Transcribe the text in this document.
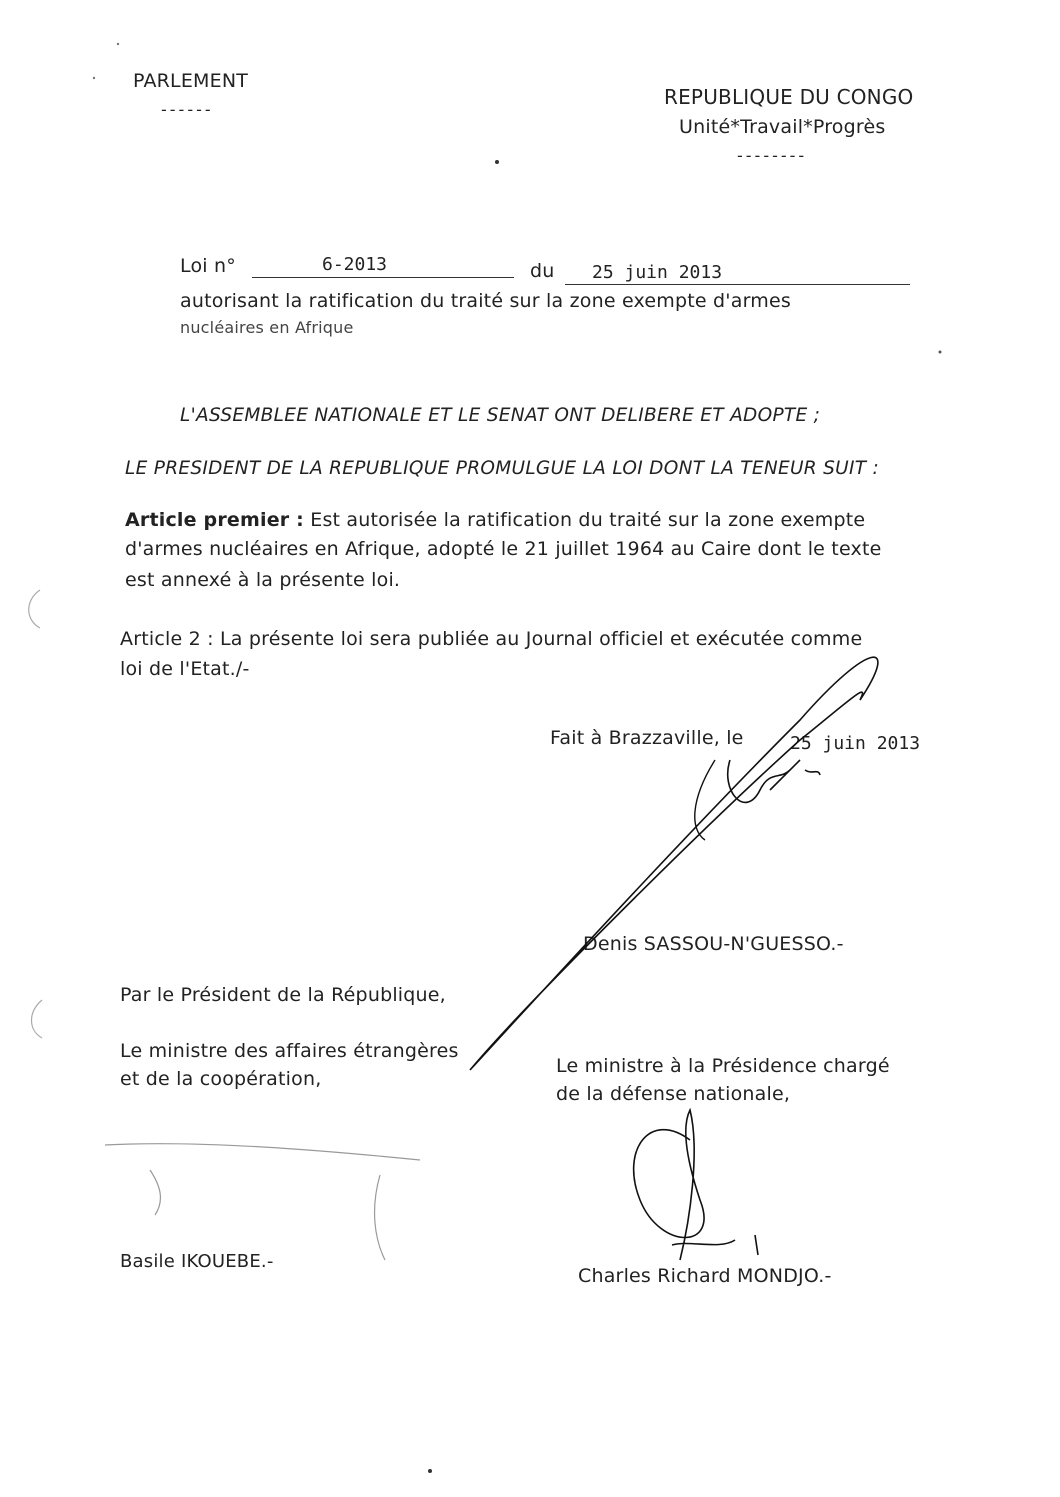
PARLEMENT
------
REPUBLIQUE DU CONGO
Unité*Travail*Progrès
--------
Loi n°	6-2013	du 25 juin 2013
autorisant la ratification du traité sur la zone exempte d'armes
nucléaires en Afrique
L'ASSEMBLEE NATIONALE ET LE SENAT ONT DELIBERE ET ADOPTE ;
LE PRESIDENT DE LA REPUBLIQUE PROMULGUE LA LOI DONT LA TENEUR SUIT :
Article premier : Est autorisée la ratification du traité sur la zone exempte
d'armes nucléaires en Afrique, adopté le 21 juillet 1964 au Caire dont le texte
est annexé à la présente loi.
Article 2 : La présente loi sera publiée au Journal officiel et exécutée comme
loi de l'Etat./-
Fait à Brazzaville, le	25 juin 2013
Denis SASSOU-N'GUESSO.-
Par le Président de la République,
Le ministre des affaires étrangères
et de la coopération,
Basile IKOUEBE.-
Le ministre à la Présidence chargé
de la défense nationale,
Charles Richard MONDJO.-
